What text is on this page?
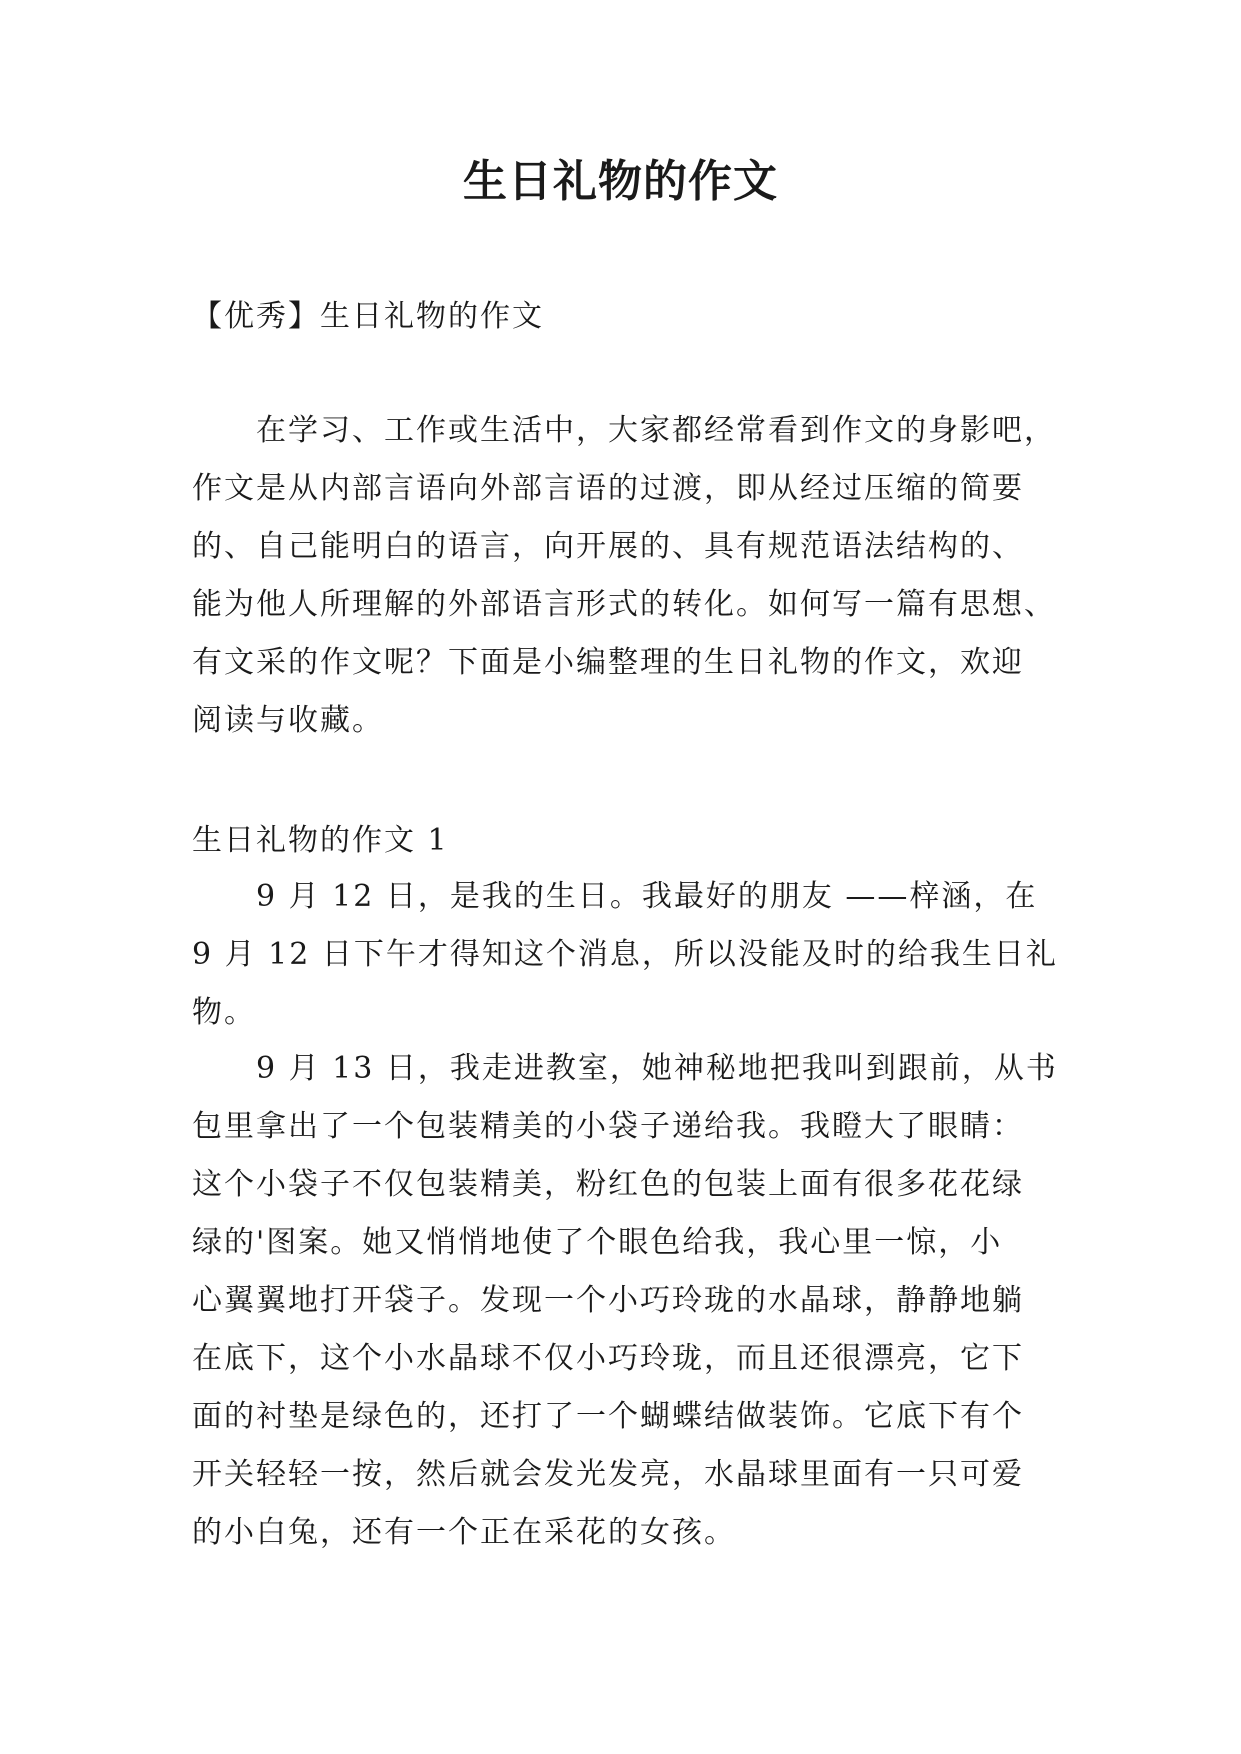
生日礼物的作文
【优秀】生日礼物的作文
　　在学习、工作或生活中，大家都经常看到作文的身影吧，
作文是从内部言语向外部言语的过渡，即从经过压缩的简要
的、自己能明白的语言，向开展的、具有规范语法结构的、
能为他人所理解的外部语言形式的转化。如何写一篇有思想、
有文采的作文呢？下面是小编整理的生日礼物的作文，欢迎
阅读与收藏。
生日礼物的作文 1
　　9 月 12 日，是我的生日。我最好的朋友 ——梓涵，在
9 月 12 日下午才得知这个消息，所以没能及时的给我生日礼
物。
　　9 月 13 日，我走进教室，她神秘地把我叫到跟前，从书
包里拿出了一个包装精美的小袋子递给我。我瞪大了眼睛：
这个小袋子不仅包装精美，粉红色的包装上面有很多花花绿
绿的'图案。她又悄悄地使了个眼色给我，我心里一惊，小
心翼翼地打开袋子。发现一个小巧玲珑的水晶球，静静地躺
在底下，这个小水晶球不仅小巧玲珑，而且还很漂亮，它下
面的衬垫是绿色的，还打了一个蝴蝶结做装饰。它底下有个
开关轻轻一按，然后就会发光发亮，水晶球里面有一只可爱
的小白兔，还有一个正在采花的女孩。
